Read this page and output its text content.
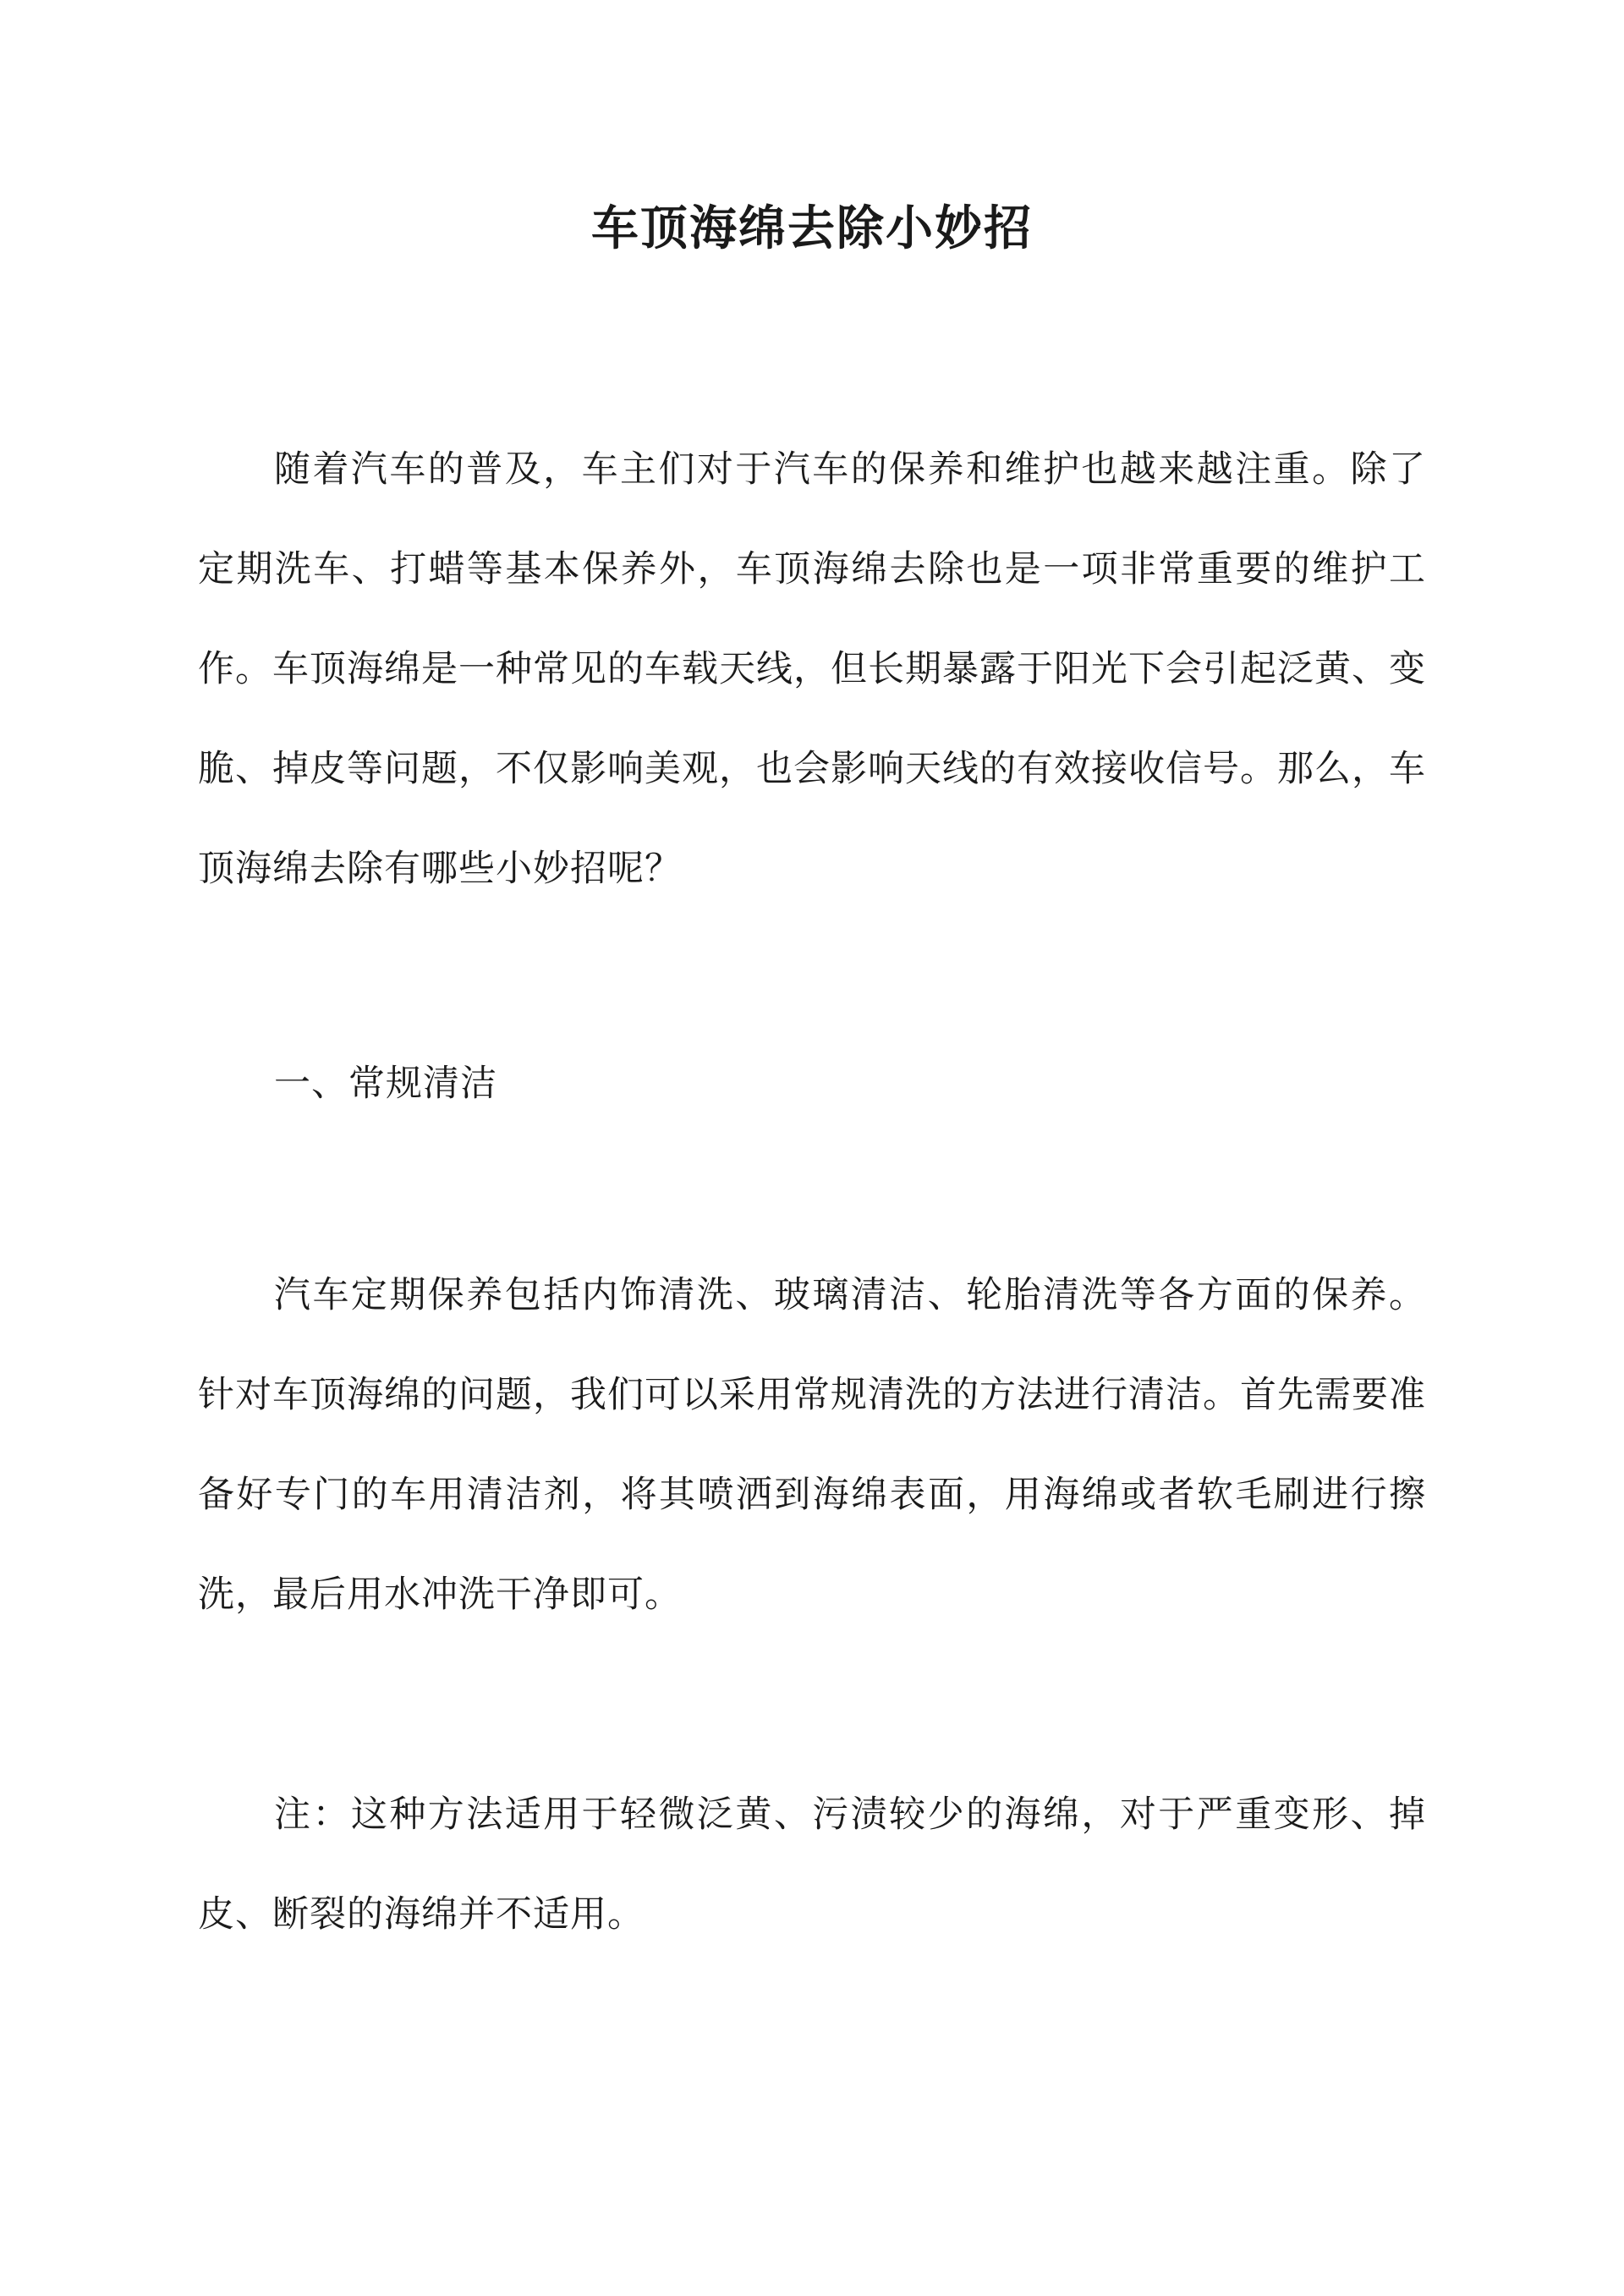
车顶海绵去除小妙招

随着汽车的普及，车主们对于汽车的保养和维护也越来越注重。除了定期洗车、打蜡等基本保养外，车顶海绵去除也是一项非常重要的维护工作。车顶海绵是一种常见的车载天线，但长期暴露于阳光下会引起泛黄、变脆、掉皮等问题，不仅影响美观，也会影响天线的有效接收信号。那么，车顶海绵去除有哪些小妙招呢？

一、常规清洁

汽车定期保养包括内饰清洗、玻璃清洁、轮胎清洗等各方面的保养。针对车顶海绵的问题，我们可以采用常规清洗的方法进行清洁。首先需要准备好专门的车用清洁剂，将其喷洒到海绵表面，用海绵或者软毛刷进行擦洗，最后用水冲洗干净即可。

注：这种方法适用于轻微泛黄、污渍较少的海绵，对于严重变形、掉皮、断裂的海绵并不适用。
